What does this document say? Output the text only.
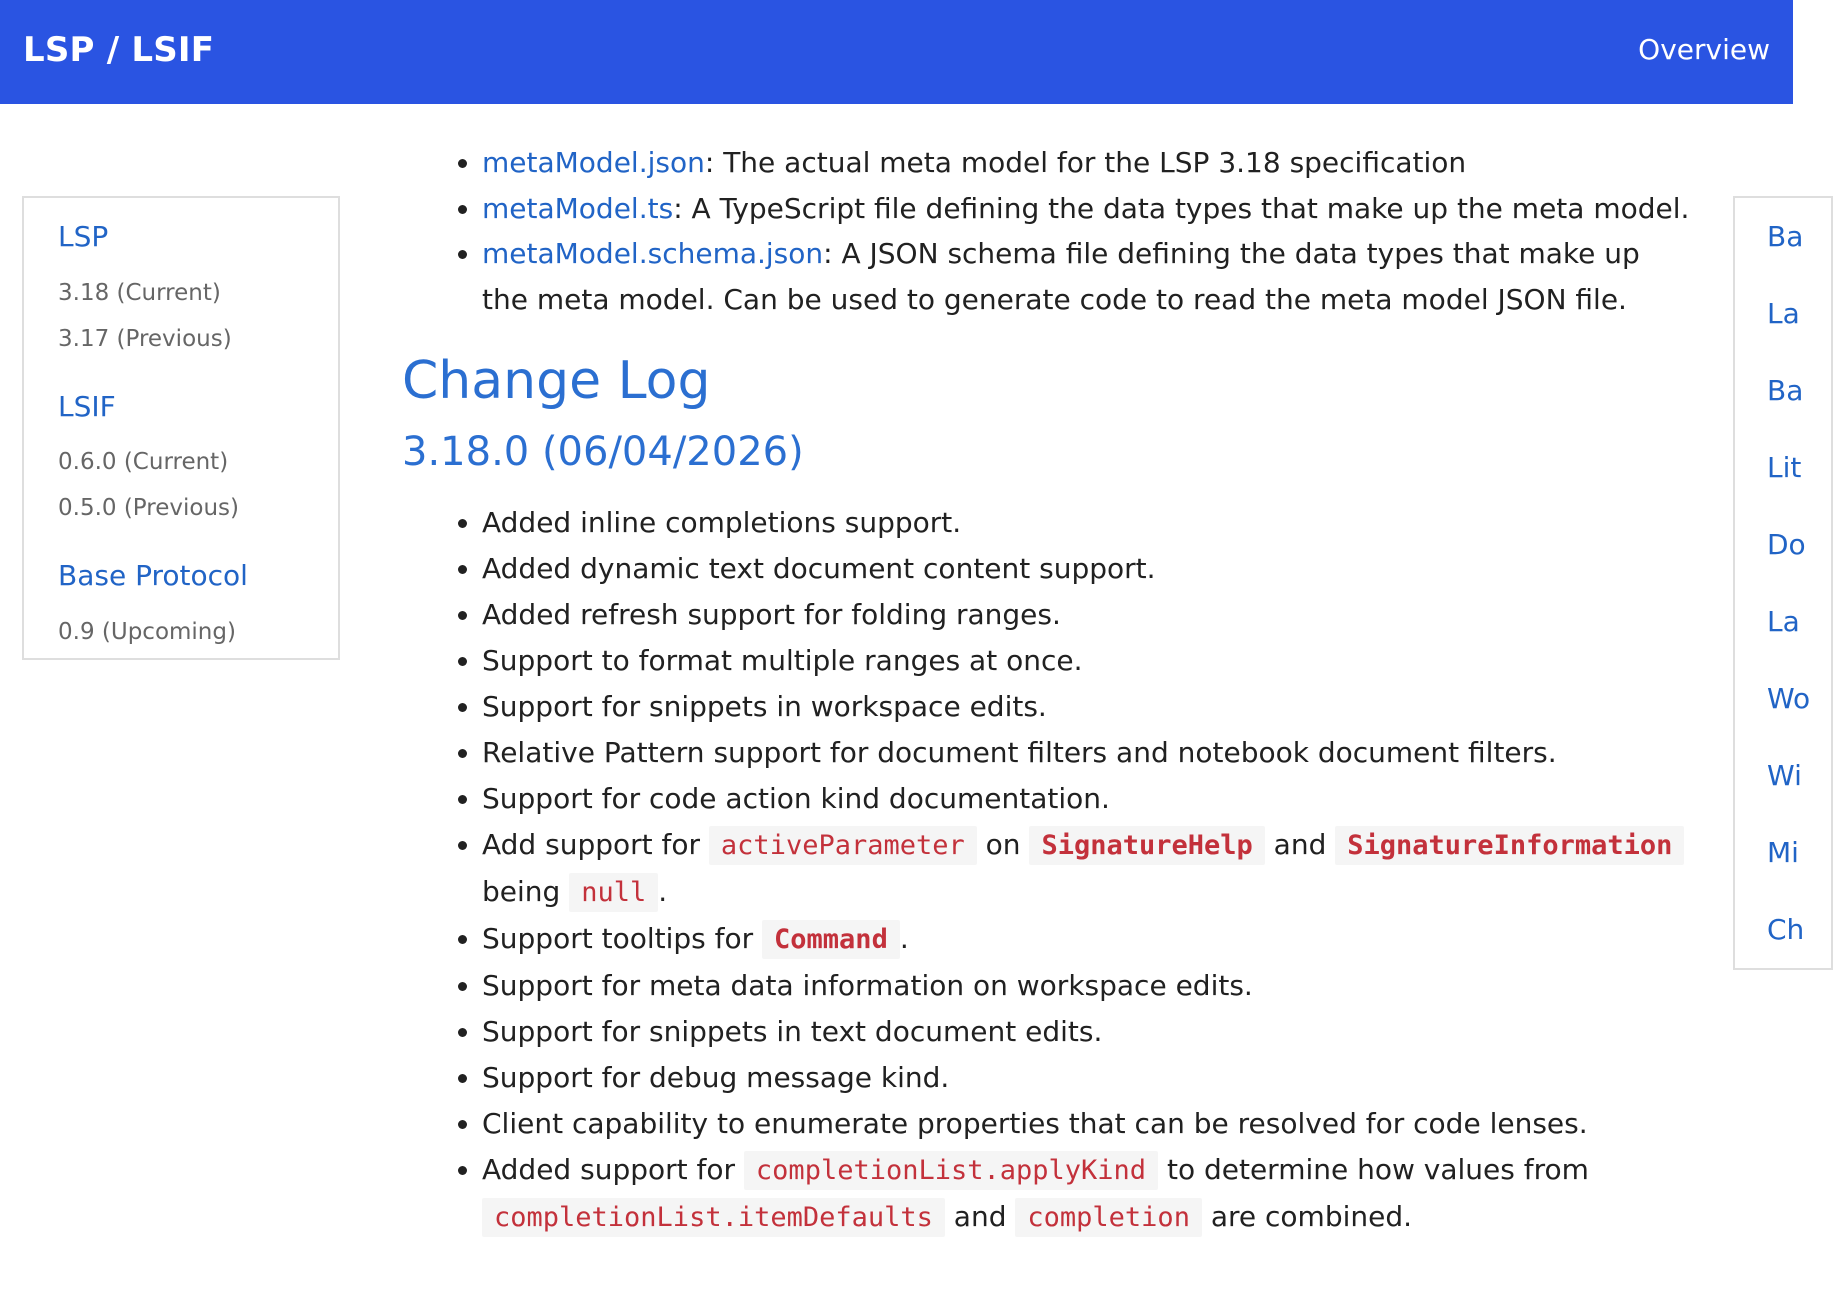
LSP / LSIF	Overview
LSP
3.18 (Current)
3.17 (Previous)
LSIF
0.6.0 (Current)
0.5.0 (Previous)
Base Protocol
0.9 (Upcoming)
Ba
La
Ba
Lit
Do
La
Wo
Wi
Mi
Ch
• metaModel.json: The actual meta model for the LSP 3.18 specification
• metaModel.ts: A TypeScript file defining the data types that make up the meta model.
• metaModel.schema.json: A JSON schema file defining the data types that make up the meta model. Can be used to generate code to read the meta model JSON file.
Change Log
3.18.0 (06/04/2026)
• Added inline completions support.
• Added dynamic text document content support.
• Added refresh support for folding ranges.
• Support to format multiple ranges at once.
• Support for snippets in workspace edits.
• Relative Pattern support for document filters and notebook document filters.
• Support for code action kind documentation.
• Add support for activeParameter on SignatureHelp and SignatureInformation being null .
• Support tooltips for Command .
• Support for meta data information on workspace edits.
• Support for snippets in text document edits.
• Support for debug message kind.
• Client capability to enumerate properties that can be resolved for code lenses.
• Added support for completionList.applyKind to determine how values from completionList.itemDefaults and completion are combined.
